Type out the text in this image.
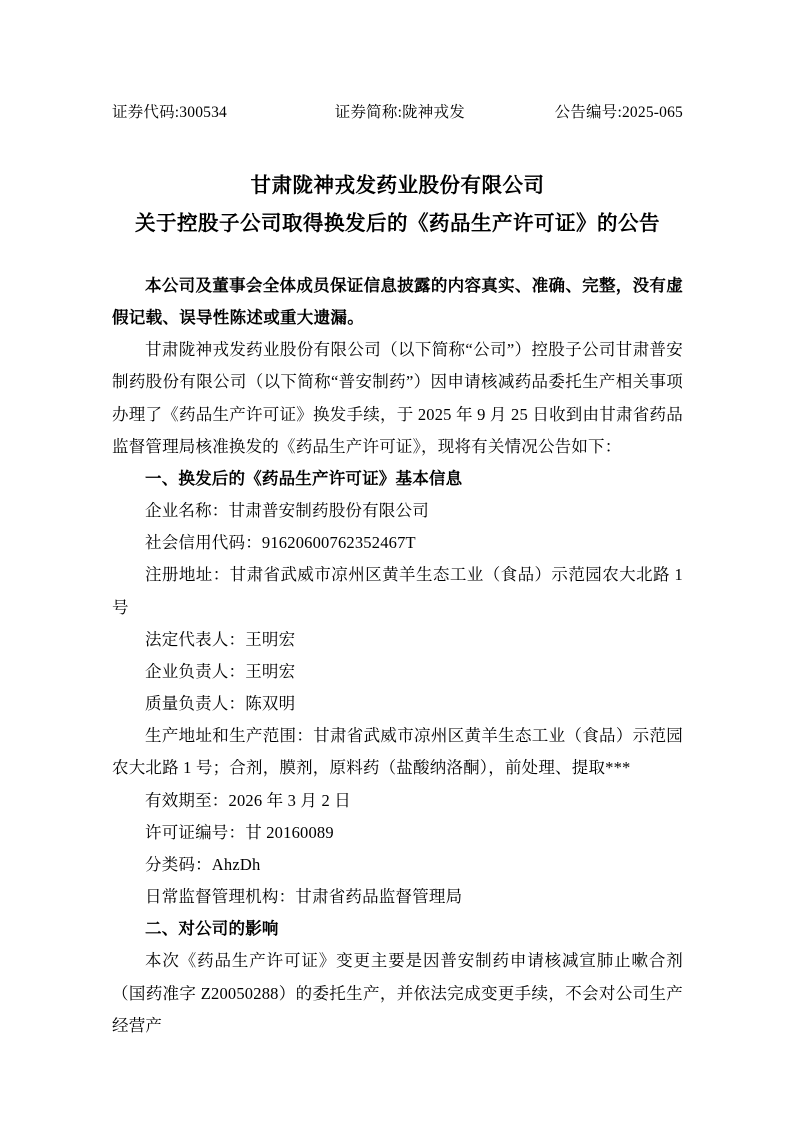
证券代码:300534	证券简称:陇神戎发	公告编号:2025-065
甘肃陇神戎发药业股份有限公司
关于控股子公司取得换发后的《药品生产许可证》的公告
本公司及董事会全体成员保证信息披露的内容真实、准确、完整，没有虚假记载、误导性陈述或重大遗漏。

甘肃陇神戎发药业股份有限公司（以下简称“公司”）控股子公司甘肃普安制药股份有限公司（以下简称“普安制药”）因申请核减药品委托生产相关事项办理了《药品生产许可证》换发手续，于 2025 年 9 月 25 日收到由甘肃省药品监督管理局核准换发的《药品生产许可证》，现将有关情况公告如下：

一、换发后的《药品生产许可证》基本信息

企业名称：甘肃普安制药股份有限公司

社会信用代码：91620600762352467T

注册地址：甘肃省武威市凉州区黄羊生态工业（食品）示范园农大北路 1 号

法定代表人：王明宏

企业负责人：王明宏

质量负责人：陈双明

生产地址和生产范围：甘肃省武威市凉州区黄羊生态工业（食品）示范园农大北路 1 号；合剂，膜剂，原料药（盐酸纳洛酮），前处理、提取***

有效期至：2026 年 3 月 2 日

许可证编号：甘 20160089

分类码：AhzDh

日常监督管理机构：甘肃省药品监督管理局

二、对公司的影响

本次《药品生产许可证》变更主要是因普安制药申请核减宣肺止嗽合剂（国药准字 Z20050288）的委托生产，并依法完成变更手续，不会对公司生产经营产
